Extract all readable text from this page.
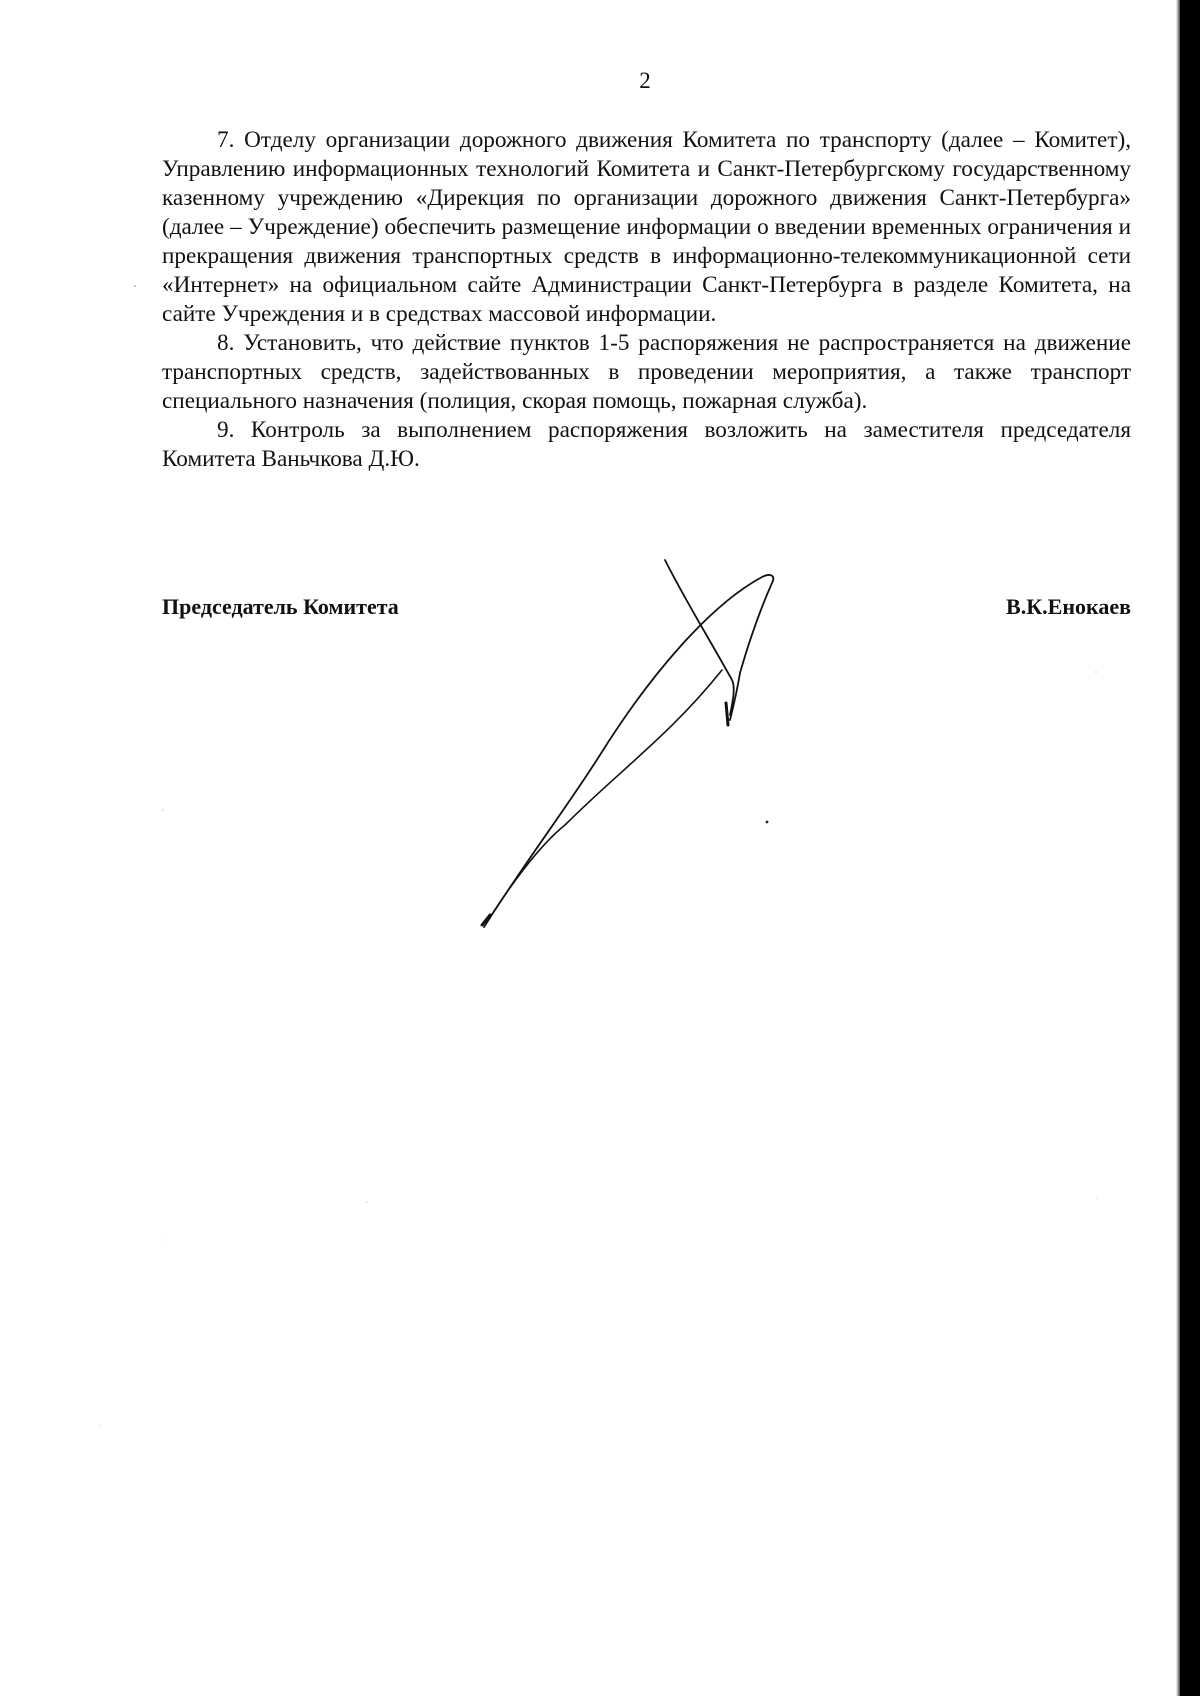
2

7. Отделу организации дорожного движения Комитета по транспорту (далее – Комитет), Управлению информационных технологий Комитета и Санкт-Петербургскому государственному казенному учреждению «Дирекция по организации дорожного движения Санкт-Петербурга» (далее – Учреждение) обеспечить размещение информации о введении временных ограничения и прекращения движения транспортных средств в информационно-телекоммуникационной сети «Интернет» на официальном сайте Администрации Санкт-Петербурга в разделе Комитета, на сайте Учреждения и в средствах массовой информации.

8. Установить, что действие пунктов 1-5 распоряжения не распространяется на движение транспортных средств, задействованных в проведении мероприятия, а также транспорт специального назначения (полиция, скорая помощь, пожарная служба).

9. Контроль за выполнением распоряжения возложить на заместителя председателя Комитета Ваньчкова Д.Ю.

Председатель Комитета	В.К.Енокаев
